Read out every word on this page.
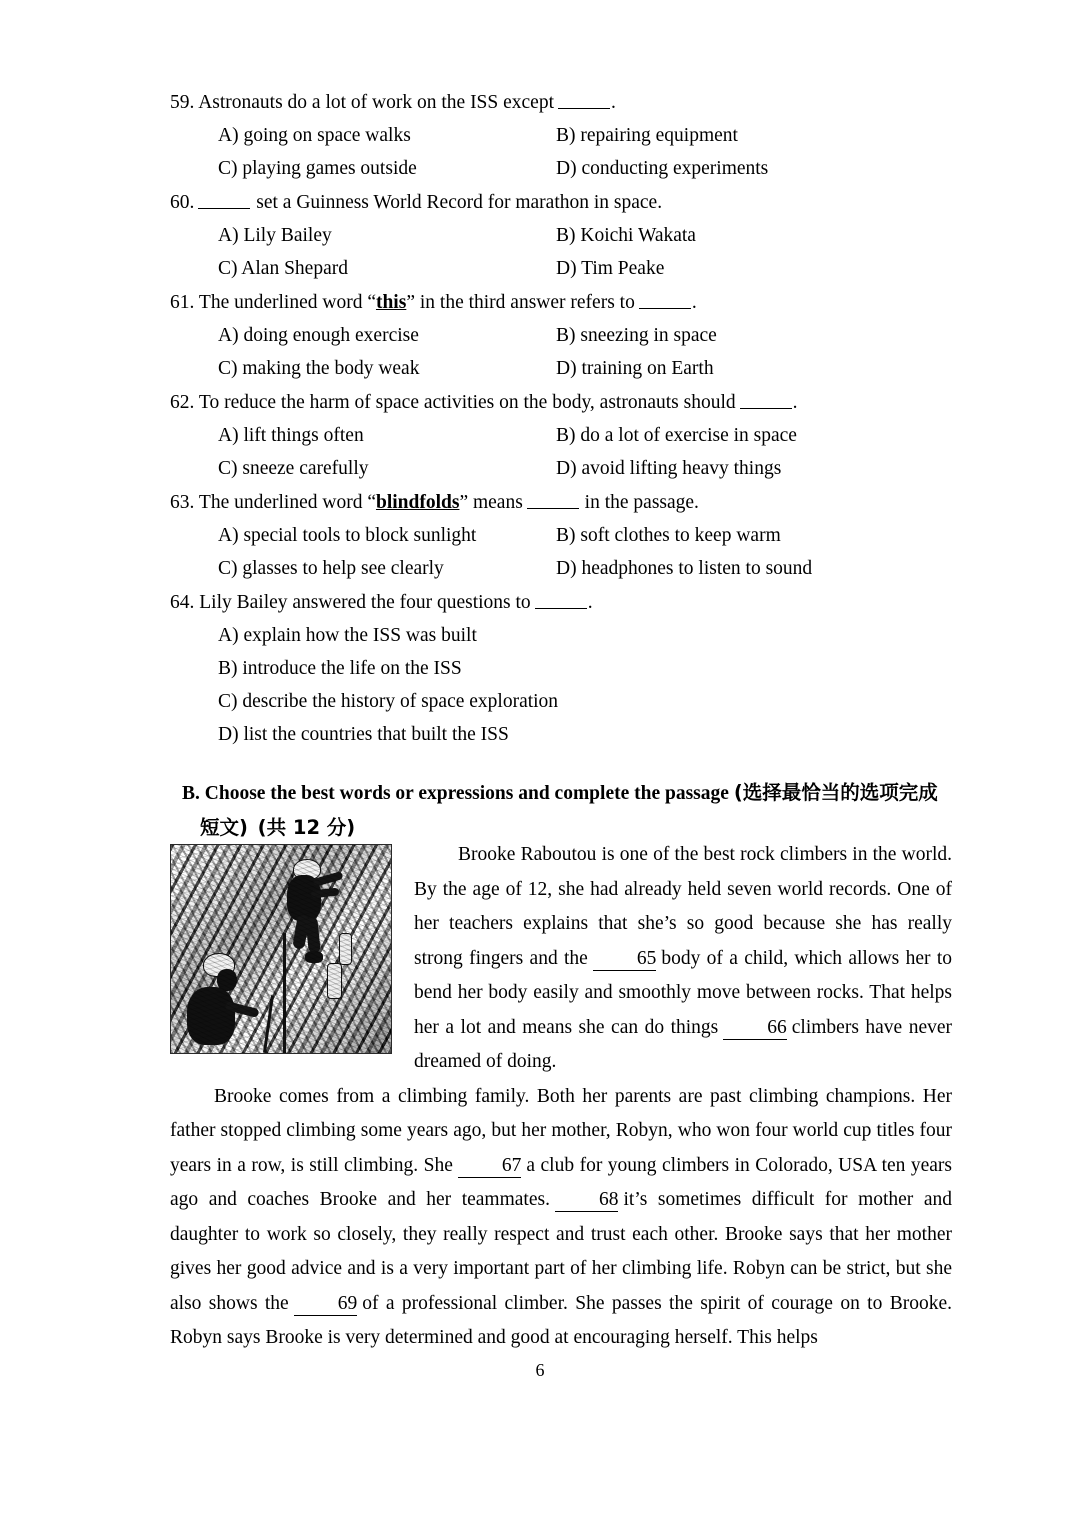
59. Astronauts do a lot of work on the ISS except	.
A) going on space walks	B) repairing equipment
C) playing games outside	D) conducting experiments
60.	set a Guinness World Record for marathon in space.
A) Lily Bailey	B) Koichi Wakata
C) Alan Shepard	D) Tim Peake
61. The underlined word “this” in the third answer refers to	.
A) doing enough exercise	B) sneezing in space
C) making the body weak	D) training on Earth
62. To reduce the harm of space activities on the body, astronauts should	.
A) lift things often	B) do a lot of exercise in space
C) sneeze carefully	D) avoid lifting heavy things
63. The underlined word “blindfolds” means	in the passage.
A) special tools to block sunlight	B) soft clothes to keep warm
C) glasses to help see clearly	D) headphones to listen to sound
64. Lily Bailey answered the four questions to	.
A) explain how the ISS was built
B) introduce the life on the ISS
C) describe the history of space exploration
D) list the countries that built the ISS
B. Choose the best words or expressions and complete the passage (选择最恰当的选项完成
短文) (共 12 分)

Brooke Raboutou is one of the best rock climbers in the world. By the age of 12, she had already held seven world records. One of her teachers explains that she’s so good because she has really strong fingers and the	65 body of a child, which allows her to bend her body easily and smoothly move between rocks. That helps her a lot and means she can do things	66 climbers have never dreamed of doing.

Brooke comes from a climbing family. Both her parents are past climbing champions. Her father stopped climbing some years ago, but her mother, Robyn, who won four world cup titles four years in a row, is still climbing. She	67 a club for young climbers in Colorado, USA ten years ago and coaches Brooke and her teammates.	68 it’s sometimes difficult for mother and daughter to work so closely, they really respect and trust each other. Brooke says that her mother gives her good advice and is a very important part of her climbing life. Robyn can be strict, but she also shows the	69 of a professional climber. She passes the spirit of courage on to Brooke. Robyn says Brooke is very determined and good at encouraging herself. This helps

6
